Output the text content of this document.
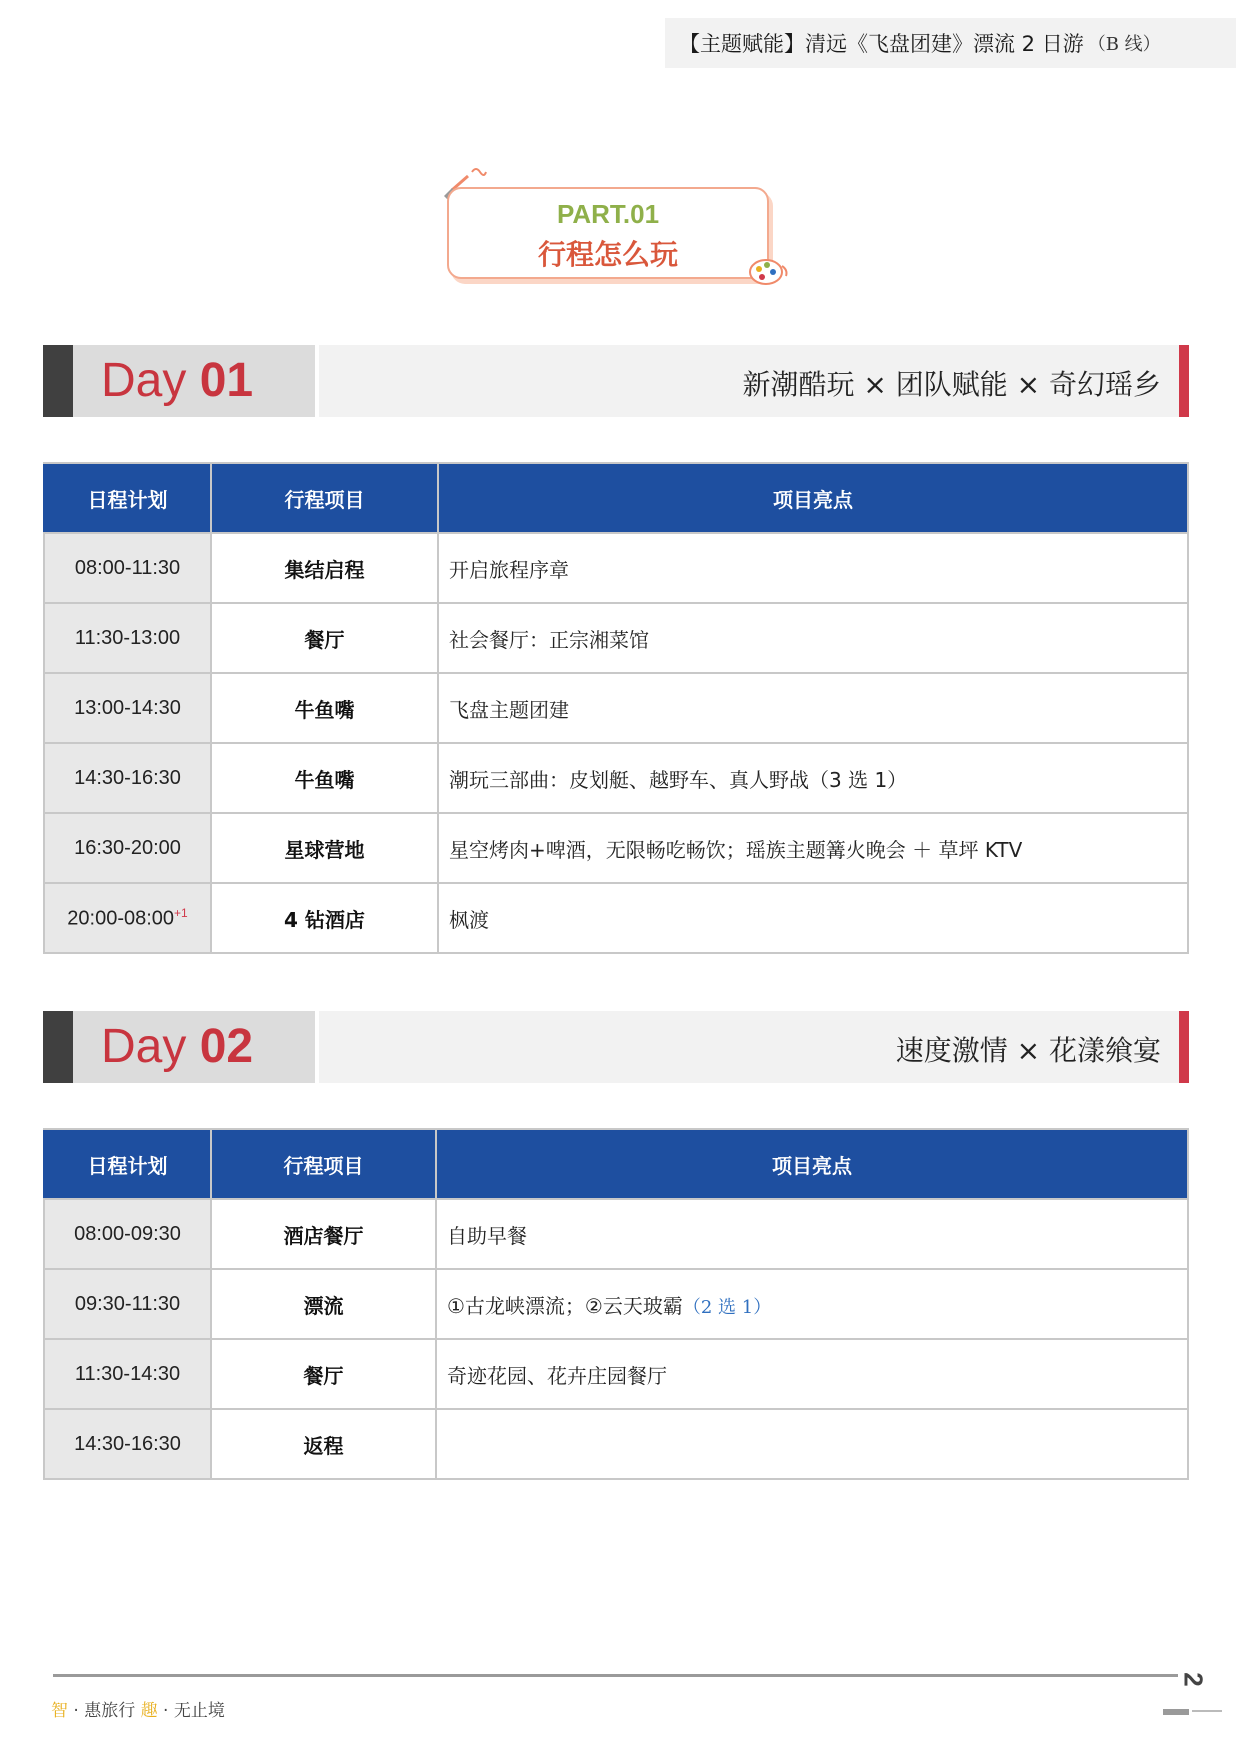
【主题赋能】清远《飞盘团建》漂流 2 日游 （B 线）
PART.01
行程怎么玩
Day 01	新潮酷玩 × 团队赋能 × 奇幻瑶乡
日程计划	行程项目	项目亮点
08:00-11:30	集结启程	开启旅程序章
11:30-13:00	餐厅	社会餐厅：正宗湘菜馆
13:00-14:30	牛鱼嘴	飞盘主题团建
14:30-16:30	牛鱼嘴	潮玩三部曲：皮划艇、越野车、真人野战（3 选 1）
16:30-20:00	星球营地	星空烤肉+啤酒，无限畅吃畅饮；瑶族主题篝火晚会 ＋ 草坪 KTV
$20:00-08:00^{+1}$	4 钻酒店	枫渡
Day 02	速度激情 × 花漾飨宴
日程计划	行程项目	项目亮点
08:00-09:30	酒店餐厅	自助早餐
09:30-11:30	漂流	①古龙峡漂流；②云天玻霸（2 选 1）
11:30-14:30	餐厅	奇迹花园、花卉庄园餐厅
14:30-16:30	返程	
2
智 · 惠旅行 趣 · 无止境
